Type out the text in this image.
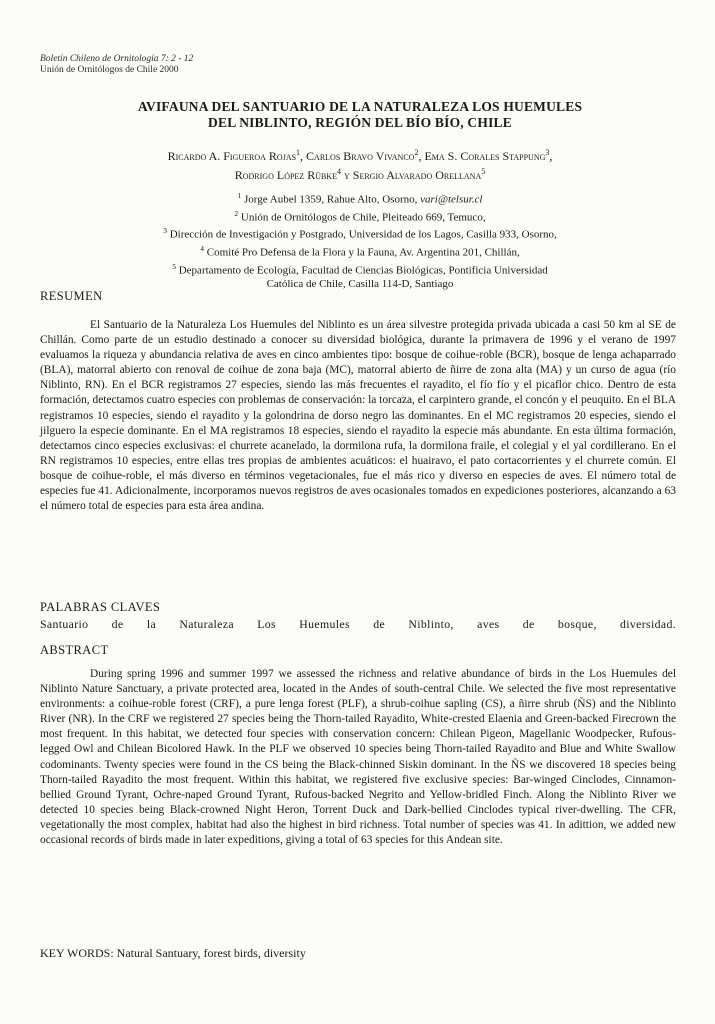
Boletín Chileno de Ornitología 7: 2 - 12
Unión de Ornitólogos de Chile 2000
AVIFAUNA DEL SANTUARIO DE LA NATURALEZA LOS HUEMULES
DEL NIBLINTO, REGIÓN DEL BÍO BÍO, CHILE
Ricardo A. Figueroa Rojas$^1$, Carlos Bravo Vivanco$^2$, Ema S. Corales Stappung$^3$,
Rodrigo López Rübke$^4$ y Sergio Alvarado Orellana$^5$
$^1$ Jorge Aubel 1359, Rahue Alto, Osorno, vari@telsur.cl
$^2$ Unión de Ornitólogos de Chile, Pleiteado 669, Temuco,
$^3$ Dirección de Investigación y Postgrado, Universidad de los Lagos, Casilla 933, Osorno,
$^4$ Comité Pro Defensa de la Flora y la Fauna, Av. Argentina 201, Chillán,
$^5$ Departamento de Ecología, Facultad de Ciencias Biológicas, Pontificia Universidad
Católica de Chile, Casilla 114-D, Santiago
RESUMEN

El Santuario de la Naturaleza Los Huemules del Niblinto es un área silvestre protegida privada ubicada a casi 50 km al SE de Chillán. Como parte de un estudio destinado a conocer su diversidad biológica, durante la primavera de 1996 y el verano de 1997 evaluamos la riqueza y abundancia relativa de aves en cinco ambientes tipo: bosque de coihue-roble (BCR), bosque de lenga achaparrado (BLA), matorral abierto con renoval de coihue de zona baja (MC), matorral abierto de ñirre de zona alta (MA) y un curso de agua (río Niblinto, RN). En el BCR registramos 27 especies, siendo las más frecuentes el rayadito, el fío fío y el picaflor chico. Dentro de esta formación, detectamos cuatro especies con problemas de conservación: la torcaza, el carpintero grande, el concón y el peuquito. En el BLA registramos 10 especies, siendo el rayadito y la golondrina de dorso negro las dominantes. En el MC registramos 20 especies, siendo el jilguero la especie dominante. En el MA registramos 18 especies, siendo el rayadito la especie más abundante. En esta última formación, detectamos cinco especies exclusivas: el churrete acanelado, la dormilona rufa, la dormilona fraile, el colegial y el yal cordillerano. En el RN registramos 10 especies, entre ellas tres propias de ambientes acuáticos: el huairavo, el pato cortacorrientes y el churrete común. El bosque de coihue-roble, el más diverso en términos vegetacionales, fue el más rico y diverso en especies de aves. El número total de especies fue 41. Adicionalmente, incorporamos nuevos registros de aves ocasionales tomados en expediciones posteriores, alcanzando a 63 el número total de especies para esta área andina.

PALABRAS CLAVES
Santuario de la Naturaleza Los Huemules de Niblinto, aves de bosque, diversidad.
ABSTRACT

During spring 1996 and summer 1997 we assessed the richness and relative abundance of birds in the Los Huemules del Niblinto Nature Sanctuary, a private protected area, located in the Andes of south-central Chile. We selected the five most representative environments: a coihue-roble forest (CRF), a pure lenga forest (PLF), a shrub-coihue sapling (CS), a ñirre shrub (ÑS) and the Niblinto River (NR). In the CRF we registered 27 species being the Thorn-tailed Rayadito, White-crested Elaenia and Green-backed Firecrown the most frequent. In this habitat, we detected four species with conservation concern: Chilean Pigeon, Magellanic Woodpecker, Rufous-legged Owl and Chilean Bicolored Hawk. In the PLF we observed 10 species being Thorn-tailed Rayadito and Blue and White Swallow codominants. Twenty species were found in the CS being the Black-chinned Siskin dominant. In the ÑS we discovered 18 species being Thorn-tailed Rayadito the most frequent. Within this habitat, we registered five exclusive species: Bar-winged Cinclodes, Cinnamon-bellied Ground Tyrant, Ochre-naped Ground Tyrant, Rufous-backed Negrito and Yellow-bridled Finch. Along the Niblinto River we detected 10 species being Black-crowned Night Heron, Torrent Duck and Dark-bellied Cinclodes typical river-dwelling. The CFR, vegetationally the most complex, habitat had also the highest in bird richness. Total number of species was 41. In adittion, we added new occasional records of birds made in later expeditions, giving a total of 63 species for this Andean site.

KEY WORDS: Natural Santuary, forest birds, diversity
